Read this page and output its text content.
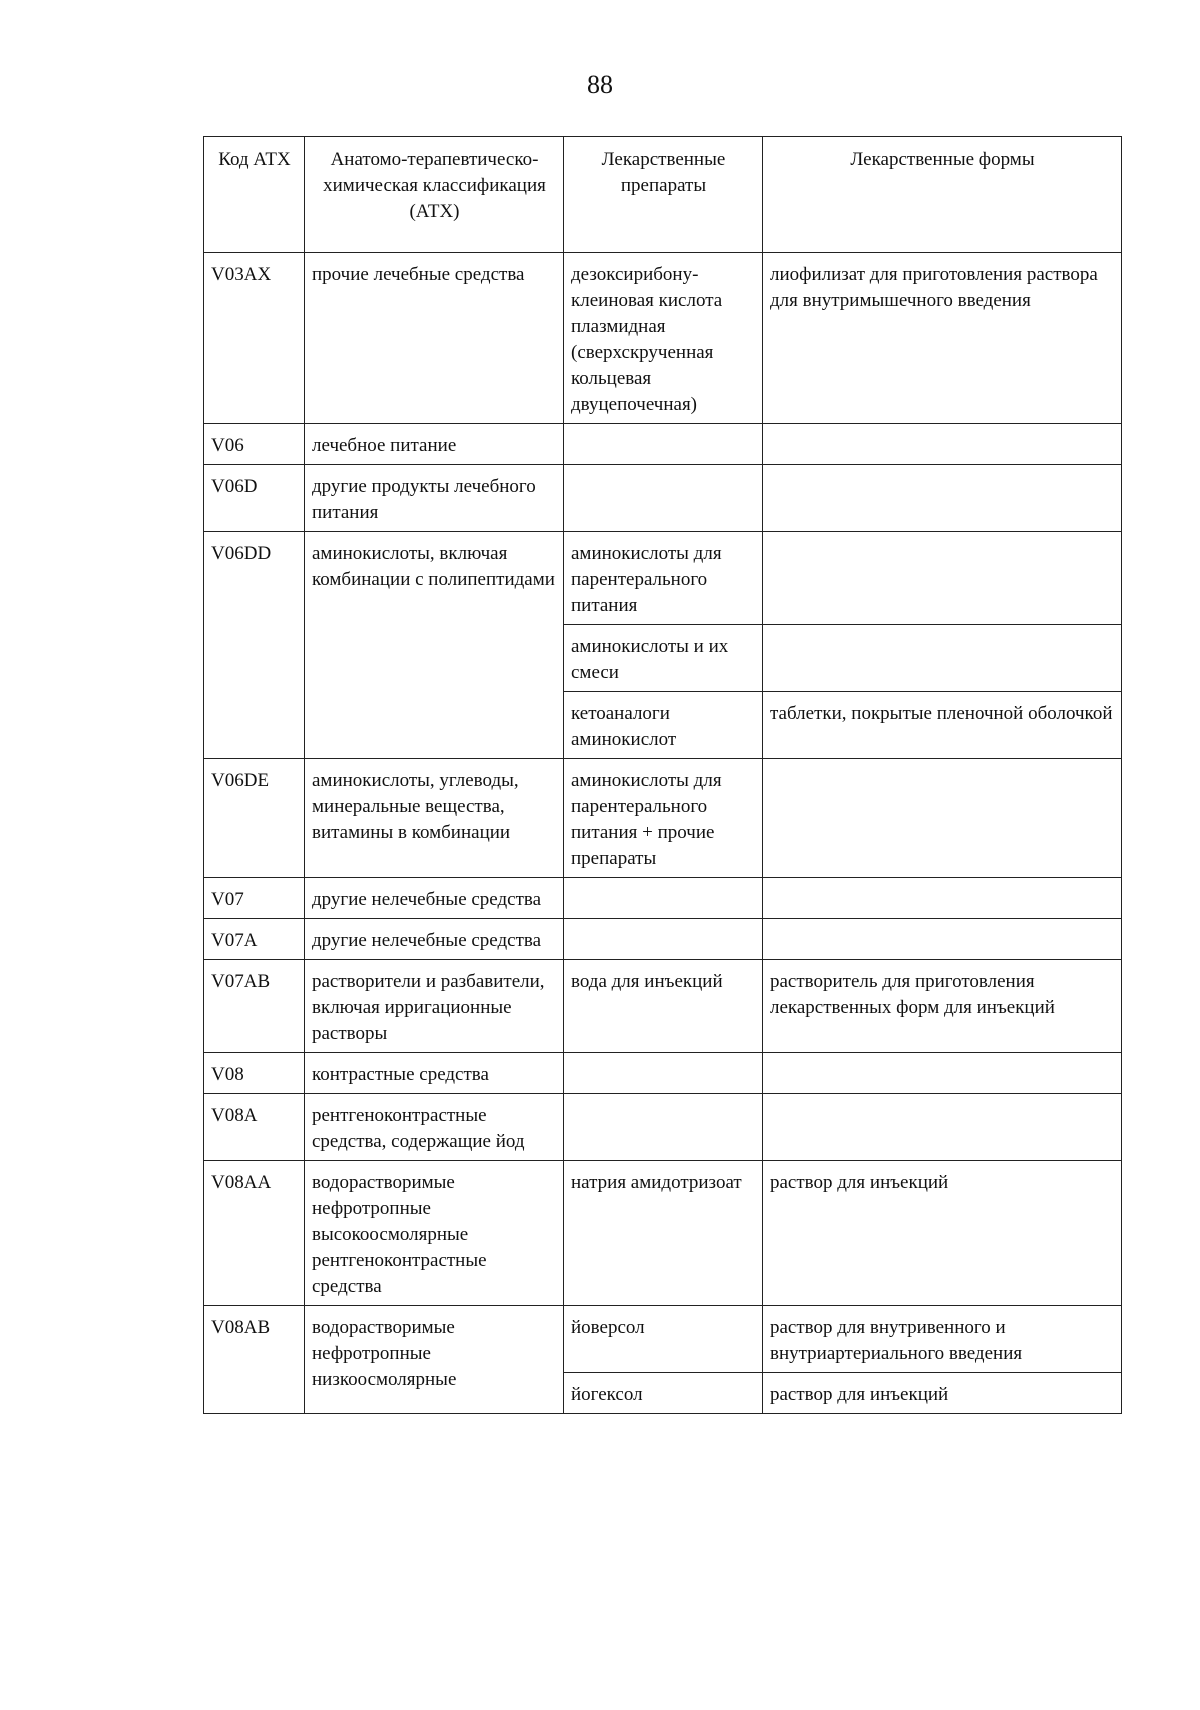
88
Код АТХ	Анатомо-терапевтическо-химическая классификация (АТХ)	Лекарственные препараты	Лекарственные формы
V03AX	прочие лечебные средства	дезоксирибону-клеиновая кислота плазмидная (сверхскрученная кольцевая двуцепочечная)	лиофилизат для приготовления раствора для внутримышечного введения
V06	лечебное питание		
V06D	другие продукты лечебного питания		
V06DD	аминокислоты, включая комбинации с полипептидами	аминокислоты для парентерального питания	
		аминокислоты и их смеси	
		кетоаналоги аминокислот	таблетки, покрытые пленочной оболочкой
V06DE	аминокислоты, углеводы, минеральные вещества, витамины в комбинации	аминокислоты для парентерального питания + прочие препараты	
V07	другие нелечебные средства		
V07A	другие нелечебные средства		
V07AB	растворители и разбавители, включая ирригационные растворы	вода для инъекций	растворитель для приготовления лекарственных форм для инъекций
V08	контрастные средства		
V08A	рентгеноконтрастные средства, содержащие йод		
V08AA	водорастворимые нефротропные высокоосмолярные рентгеноконтрастные средства	натрия амидотризоат	раствор для инъекций
V08AB	водорастворимые нефротропные низкоосмолярные	йоверсол	раствор для внутривенного и внутриартериального введения
		йогексол	раствор для инъекций
